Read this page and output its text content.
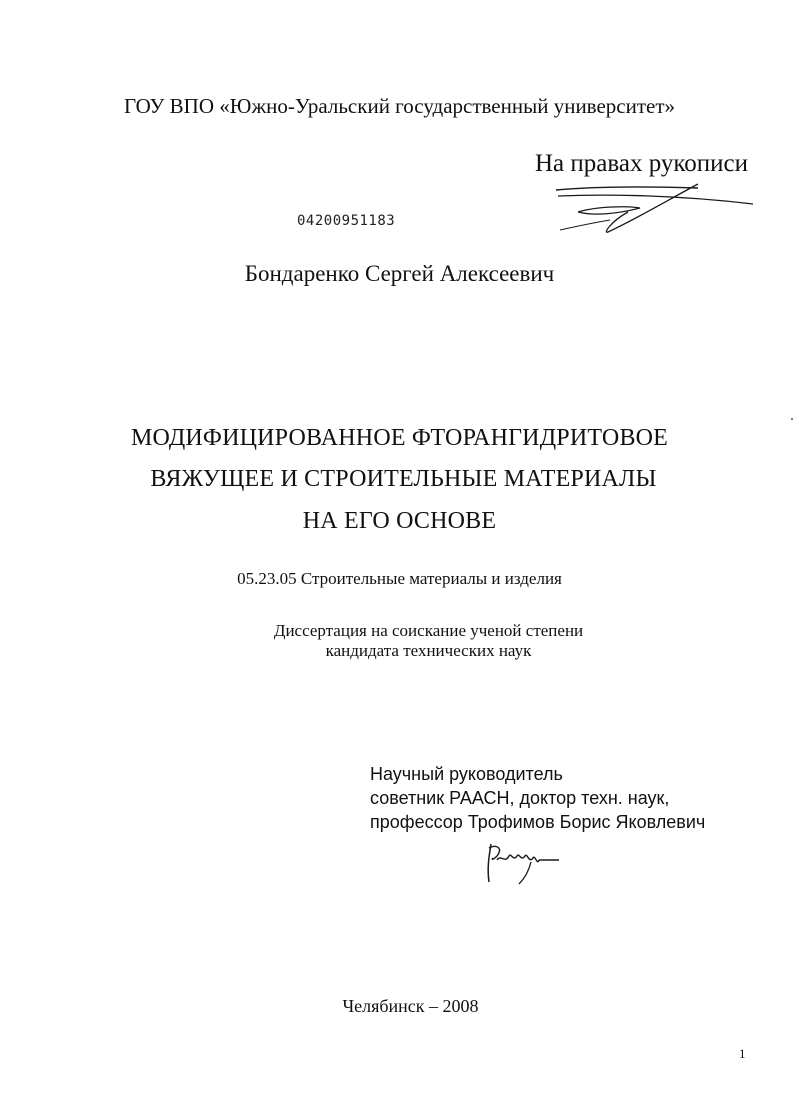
ГОУ ВПО «Южно-Уральский государственный университет»
На правах рукописи
04200951183
Бондаренко Сергей Алексеевич
МОДИФИЦИРОВАННОЕ ФТОРАНГИДРИТОВОЕ
ВЯЖУЩЕЕ И СТРОИТЕЛЬНЫЕ МАТЕРИАЛЫ
НА ЕГО ОСНОВЕ
05.23.05 Строительные материалы и изделия
Диссертация на соискание ученой степени
кандидата технических наук
Научный руководитель
советник РААСН, доктор техн. наук,
профессор Трофимов Борис Яковлевич
Челябинск – 2008
1
